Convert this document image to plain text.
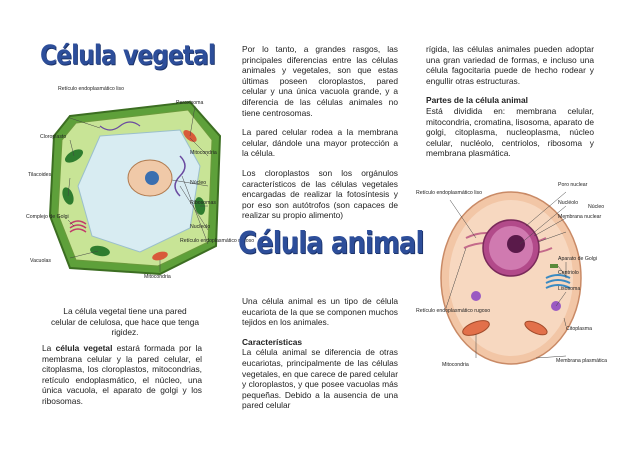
Célula vegetal
Retículo endoplasmático liso
Cloroplasto
Tilacoides
Complejo de Golgi
Vacuolas
Peroxisoma
Mitocondria
Núcleo
Ribosomas
Nucleolo
Retículo endoplasmático rugoso
Mitocondria
La célula vegetal tiene una pared celular de celulosa, que hace que tenga rigidez.
La célula vegetal estará formada por la membrana celular y la pared celular, el citoplasma, los cloroplastos, mitocondrias, retículo endoplasmático, el núcleo, una única vacuola, el aparato de golgi y los ribosomas.

Por lo tanto, a grandes rasgos, las principales diferencias entre las células animales y vegetales, son que estas últimas poseen cloroplastos, pared celular y una única vacuola grande, y a diferencia de las células animales no tiene centrosomas.

La pared celular rodea a la membrana celular, dándole una mayor protección a la célula.

Los cloroplastos son los orgánulos característicos de las células vegetales encargadas de realizar la fotosíntesis y por eso son autótrofos (son capaces de realizar su propio alimento)

Célula animal

Una célula animal es un tipo de célula eucariota de la que se componen muchos tejidos en los animales.

Características

La célula animal se diferencia de otras eucariotas, principalmente de las células vegetales, en que carece de pared celular y cloroplastos, y que posee vacuolas más pequeñas. Debido a la ausencia de una pared celular

rígida, las células animales pueden adoptar una gran variedad de formas, e incluso una célula fagocitaria puede de hecho rodear y engullir otras estructuras.

Partes de la célula animal

Está dividida en: membrana celular, mitocondria, cromatina, lisosoma, aparato de golgi, citoplasma, nucleoplasma, núcleo celular, nucléolo, centriolos, ribosoma y membrana plasmática.

Retículo endoplasmático liso
Poro nuclear
Nucléolo
Membrana nuclear
Núcleo
Aparato de Golgi
Centriolo
Lisosoma
Retículo endoplasmático rugoso
Citoplasma
Mitocondria
Membrana plasmática
